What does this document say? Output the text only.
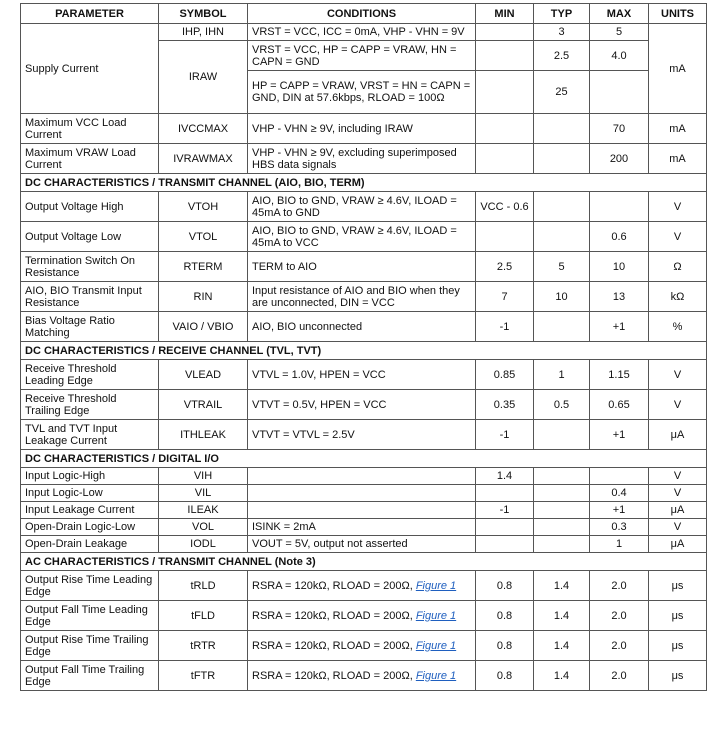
PARAMETER	SYMBOL	CONDITIONS	MIN	TYP	MAX	UNITS
Supply Current	IHP, IHN	VRST = VCC, ICC = 0mA, VHP - VHN = 9V		3	5	mA
	IRAW	VRST = VCC, HP = CAPP = VRAW, HN = CAPN = GND		2.5	4.0	
		HP = CAPP = VRAW, VRST = HN = CAPN = GND, DIN at 57.6kbps, RLOAD = 100Ω		25		
Maximum VCC Load Current	IVCCMAX	VHP - VHN ≥ 9V, including IRAW			70	mA
Maximum VRAW Load Current	IVRAWMAX	VHP - VHN ≥ 9V, excluding superimposed HBS data signals			200	mA
DC CHARACTERISTICS / TRANSMIT CHANNEL (AIO, BIO, TERM)						
Output Voltage High	VTOH	AIO, BIO to GND, VRAW ≥ 4.6V, ILOAD = 45mA to GND	VCC - 0.6			V
Output Voltage Low	VTOL	AIO, BIO to GND, VRAW ≥ 4.6V, ILOAD = 45mA to VCC			0.6	V
Termination Switch On Resistance	RTERM	TERM to AIO	2.5	5	10	Ω
AIO, BIO Transmit Input Resistance	RIN	Input resistance of AIO and BIO when they are unconnected, DIN = VCC	7	10	13	kΩ
Bias Voltage Ratio Matching	VAIO / VBIO	AIO, BIO unconnected	-1		+1	%
DC CHARACTERISTICS / RECEIVE CHANNEL (TVL, TVT)						
Receive Threshold Leading Edge	VLEAD	VTVL = 1.0V, HPEN = VCC	0.85	1	1.15	V
Receive Threshold Trailing Edge	VTRAIL	VTVT = 0.5V, HPEN = VCC	0.35	0.5	0.65	V
TVL and TVT Input Leakage Current	ITHLEAK	VTVT = VTVL = 2.5V	-1		+1	μA
DC CHARACTERISTICS / DIGITAL I/O						
Input Logic-High	VIH		1.4			V
Input Logic-Low	VIL				0.4	V
Input Leakage Current	ILEAK		-1		+1	μA
Open-Drain Logic-Low	VOL	ISINK = 2mA			0.3	V
Open-Drain Leakage	IODL	VOUT = 5V, output not asserted			1	μA
AC CHARACTERISTICS / TRANSMIT CHANNEL (Note 3)						
Output Rise Time Leading Edge	tRLD	RSRA = 120kΩ, RLOAD = 200Ω, Figure 1	0.8	1.4	2.0	μs
Output Fall Time Leading Edge	tFLD	RSRA = 120kΩ, RLOAD = 200Ω, Figure 1	0.8	1.4	2.0	μs
Output Rise Time Trailing Edge	tRTR	RSRA = 120kΩ, RLOAD = 200Ω, Figure 1	0.8	1.4	2.0	μs
Output Fall Time Trailing Edge	tFTR	RSRA = 120kΩ, RLOAD = 200Ω, Figure 1	0.8	1.4	2.0	μs
